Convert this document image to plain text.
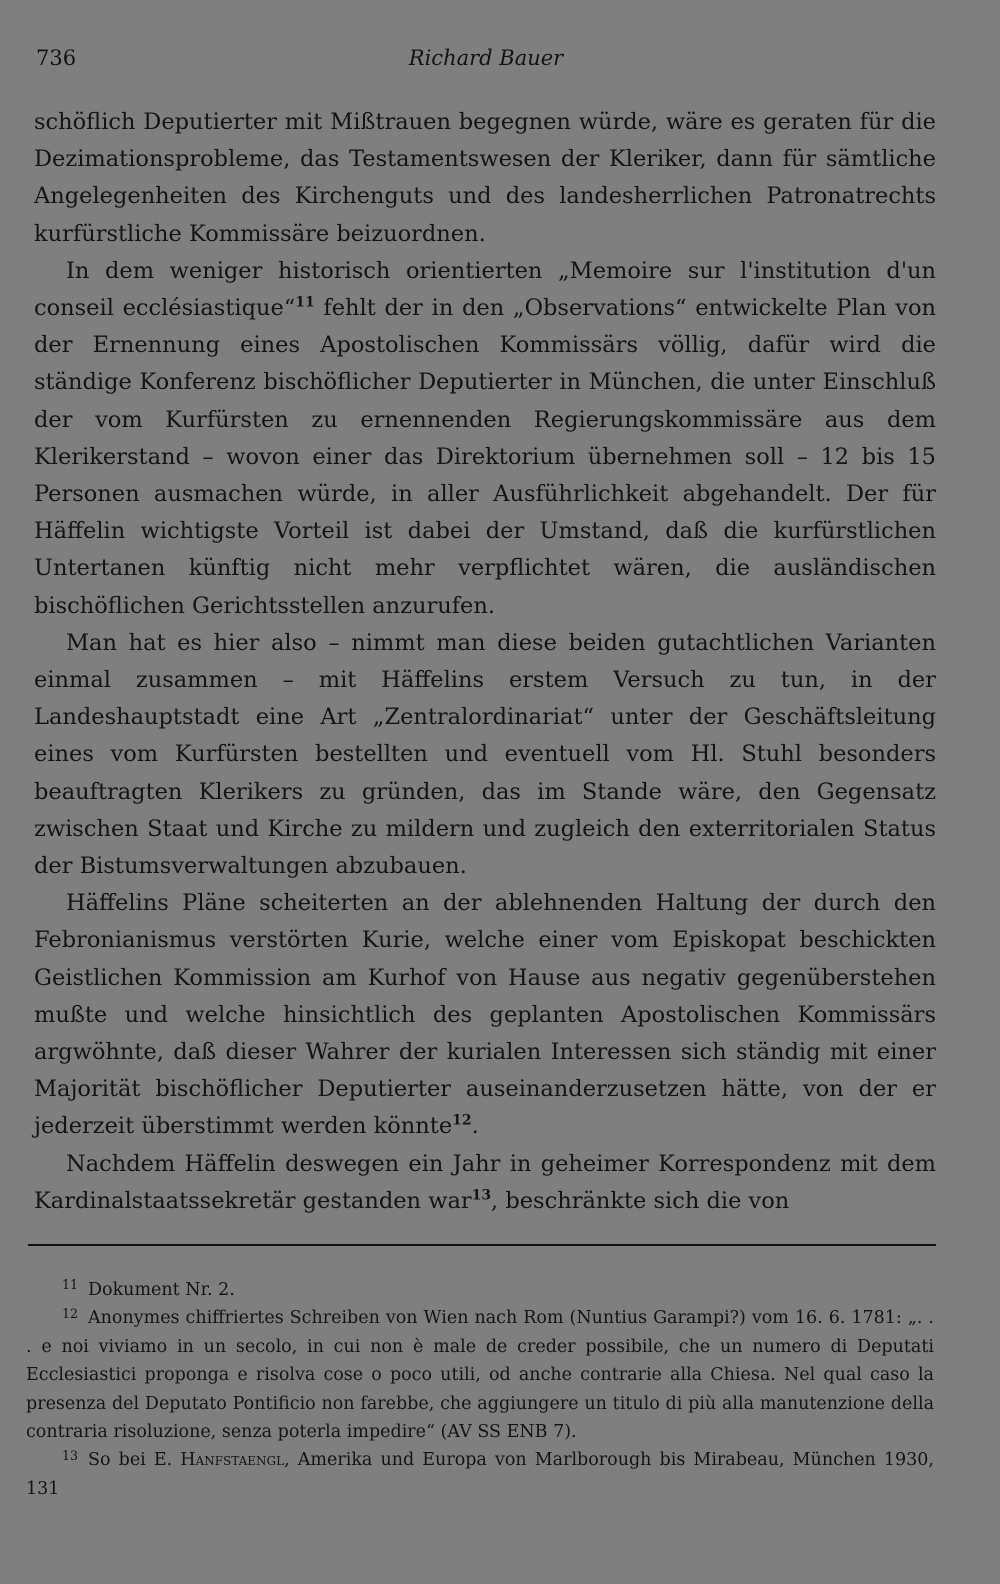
736	Richard Bauer

schöflich Deputierter mit Mißtrauen begegnen würde, wäre es geraten für die Dezimationsprobleme, das Testamentswesen der Kleriker, dann für sämtliche Angelegenheiten des Kirchenguts und des landesherrlichen Patronatrechts kurfürstliche Kommissäre beizuordnen.

In dem weniger historisch orientierten „Memoire sur l'institution d'un conseil ecclésiastique“$^{11}$ fehlt der in den „Observations“ entwickelte Plan von der Ernennung eines Apostolischen Kommissärs völlig, dafür wird die ständige Konferenz bischöflicher Deputierter in München, die unter Einschluß der vom Kurfürsten zu ernennenden Regierungskommissäre aus dem Klerikerstand – wovon einer das Direktorium übernehmen soll – 12 bis 15 Personen ausmachen würde, in aller Ausführlichkeit abgehandelt. Der für Häffelin wichtigste Vorteil ist dabei der Umstand, daß die kurfürstlichen Untertanen künftig nicht mehr verpflichtet wären, die ausländischen bischöflichen Gerichtsstellen anzurufen.

Man hat es hier also – nimmt man diese beiden gutachtlichen Varianten einmal zusammen – mit Häffelins erstem Versuch zu tun, in der Landeshauptstadt eine Art „Zentralordinariat“ unter der Geschäftsleitung eines vom Kurfürsten bestellten und eventuell vom Hl. Stuhl besonders beauftragten Klerikers zu gründen, das im Stande wäre, den Gegensatz zwischen Staat und Kirche zu mildern und zugleich den exterritorialen Status der Bistumsverwaltungen abzubauen.

Häffelins Pläne scheiterten an der ablehnenden Haltung der durch den Febronianismus verstörten Kurie, welche einer vom Episkopat beschickten Geistlichen Kommission am Kurhof von Hause aus negativ gegenüberstehen mußte und welche hinsichtlich des geplanten Apostolischen Kommissärs argwöhnte, daß dieser Wahrer der kurialen Interessen sich ständig mit einer Majorität bischöflicher Deputierter auseinanderzusetzen hätte, von der er jederzeit überstimmt werden könnte$^{12}$.

Nachdem Häffelin deswegen ein Jahr in geheimer Korrespondenz mit dem Kardinalstaatssekretär gestanden war$^{13}$, beschränkte sich die von

11 Dokument Nr. 2.

12 Anonymes chiffriertes Schreiben von Wien nach Rom (Nuntius Garampi?) vom 16. 6. 1781: „. . . e noi viviamo in un secolo, in cui non è male de creder possibile, che un numero di Deputati Ecclesiastici proponga e risolva cose o poco utili, od anche contrarie alla Chiesa. Nel qual caso la presenza del Deputato Pontificio non farebbe, che aggiungere un titulo di più alla manutenzione della contraria risoluzione, senza poterla impedire“ (AV SS ENB 7).

13 So bei E. Hanfstaengl, Amerika und Europa von Marlborough bis Mirabeau, München 1930, 131
